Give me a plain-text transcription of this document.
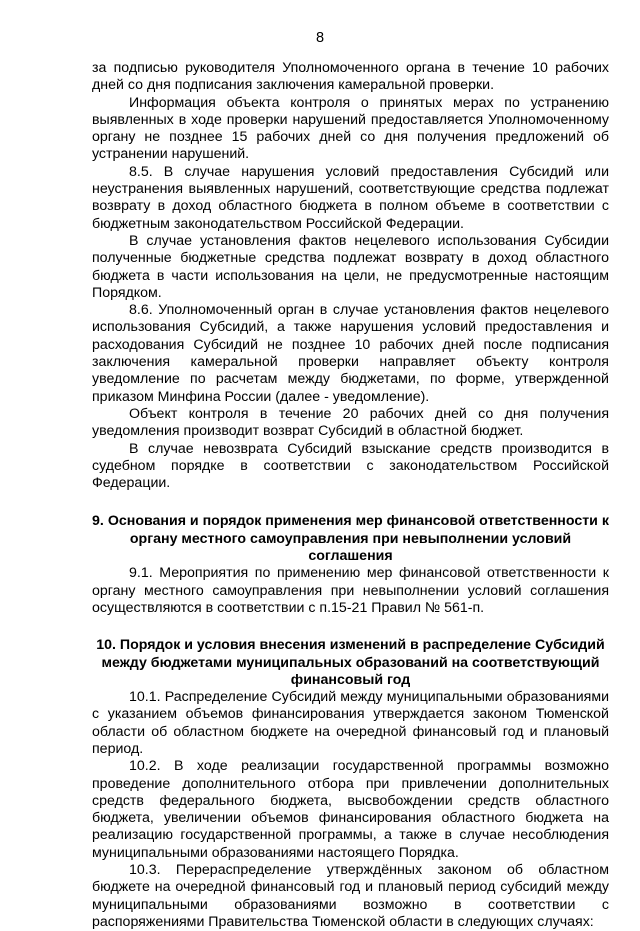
8

за подписью руководителя Уполномоченного органа в течение 10 рабочих дней со дня подписания заключения камеральной проверки.

Информация объекта контроля о принятых мерах по устранению выявленных в ходе проверки нарушений предоставляется Уполномоченному органу не позднее 15 рабочих дней со дня получения предложений об устранении нарушений.

8.5. В случае нарушения условий предоставления Субсидий или неустранения выявленных нарушений, соответствующие средства подлежат возврату в доход областного бюджета в полном объеме в соответствии с бюджетным законодательством Российской Федерации.

В случае установления фактов нецелевого использования Субсидии полученные бюджетные средства подлежат возврату в доход областного бюджета в части использования на цели, не предусмотренные настоящим Порядком.

8.6. Уполномоченный орган в случае установления фактов нецелевого использования Субсидий, а также нарушения условий предоставления и расходования Субсидий не позднее 10 рабочих дней после подписания заключения камеральной проверки направляет объекту контроля уведомление по расчетам между бюджетами, по форме, утвержденной приказом Минфина России (далее - уведомление).

Объект контроля в течение 20 рабочих дней со дня получения уведомления производит возврат Субсидий в областной бюджет.

В случае невозврата Субсидий взыскание средств производится в судебном порядке в соответствии с законодательством Российской Федерации.

9. Основания и порядок применения мер финансовой ответственности к органу местного самоуправления при невыполнении условий соглашения

9.1. Мероприятия по применению мер финансовой ответственности к органу местного самоуправления при невыполнении условий соглашения осуществляются в соответствии с п.15-21 Правил № 561-п.

10. Порядок и условия внесения изменений в распределение Субсидий между бюджетами муниципальных образований на соответствующий финансовый год

10.1. Распределение Субсидий между муниципальными образованиями с указанием объемов финансирования утверждается законом Тюменской области об областном бюджете на очередной финансовый год и плановый период.

10.2. В ходе реализации государственной программы возможно проведение дополнительного отбора при привлечении дополнительных средств федерального бюджета, высвобождении средств областного бюджета, увеличении объемов финансирования областного бюджета на реализацию государственной программы, а также в случае несоблюдения муниципальными образованиями настоящего Порядка.

10.3. Перераспределение утверждённых законом об областном бюджете на очередной финансовый год и плановый период субсидий между муниципальными образованиями возможно в соответствии с распоряжениями Правительства Тюменской области в следующих случаях:
